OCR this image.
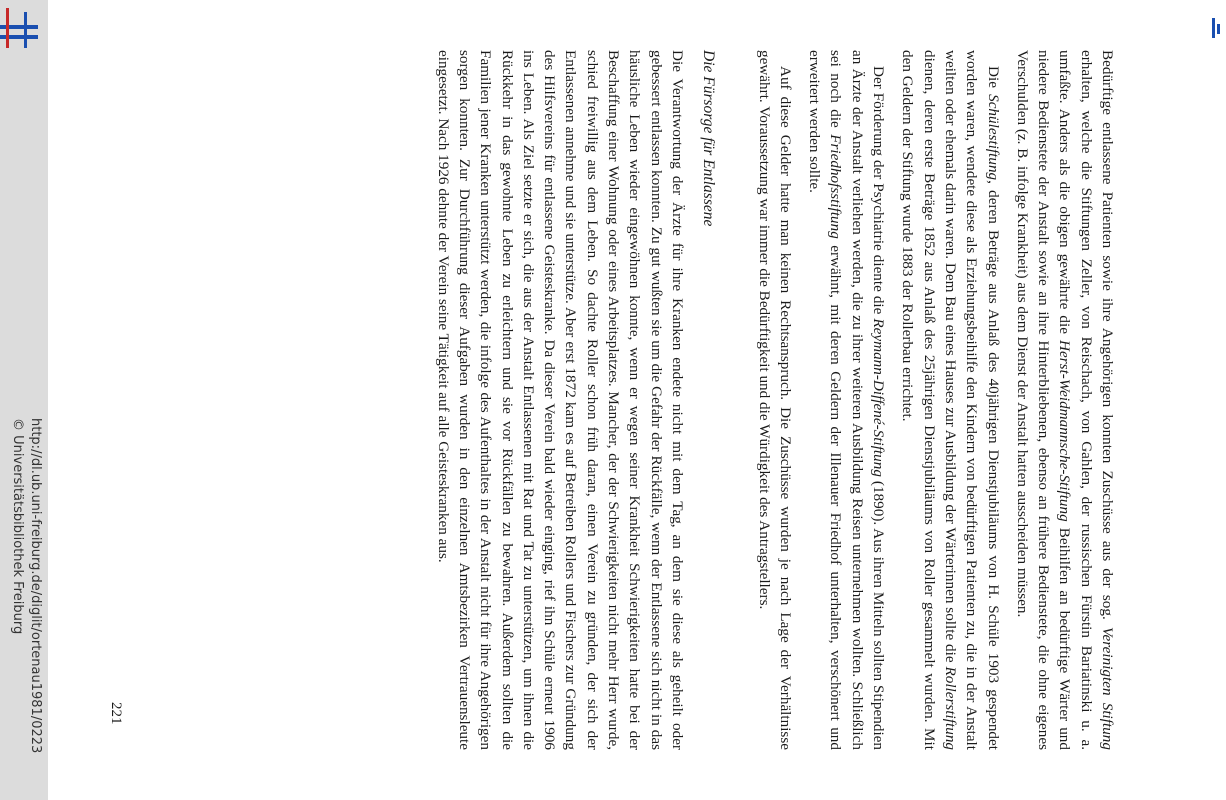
http://dl.ub.uni-freiburg.de/diglit/ortenau1981/0223
© Universitätsbibliothek Freiburg	Bedürftige entlassene Patienten sowie ihre Angehörigen konnten Zuschüsse aus der sog. Vereinigten Stiftung erhalten, welche die Stiftungen Zeller, von Reischach, von Gahlen, der russischen Fürstin Bariatinski u. a. umfaßte. Anders als die obigen gewährte die Herst-Weidmannsche-Stiftung Beihilfen an bedürftige Wärter und niedere Bedienstete der Anstalt sowie an ihre Hinterbliebenen, ebenso an frühere Bedienstete, die ohne eigenes Verschulden (z. B. infolge Krankheit) aus dem Dienst der Anstalt hatten ausscheiden müssen.

Die Schülestiftung, deren Beträge aus Anlaß des 40jährigen Dienstjubiläums von H. Schüle 1903 gespendet worden waren, wendete diese als Erziehungsbeihilfe den Kindern von bedürftigen Patienten zu, die in der Anstalt weilten oder ehemals darin waren. Dem Bau eines Hauses zur Ausbildung der Wärterinnen sollte die Rollerstiftung dienen, deren erste Beträge 1852 aus Anlaß des 25jährigen Dienstjubiläums von Roller gesammelt wurden. Mit den Geldern der Stiftung wurde 1883 der Rollerbau errichtet.

Der Förderung der Psychiatrie diente die Reymann-Diffené-Stiftung (1890). Aus ihren Mitteln sollten Stipendien an Ärzte der Anstalt verliehen werden, die zu ihrer weiteren Ausbildung Reisen unternehmen wollten. Schließlich sei noch die Friedhofsstiftung erwähnt, mit deren Geldern der Illenauer Friedhof unterhalten, verschönert und erweitert werden sollte.

Auf diese Gelder hatte man keinen Rechtsanspruch. Die Zuschüsse wurden je nach Lage der Verhältnisse gewährt. Voraussetzung war immer die Bedürftigkeit und die Würdigkeit des Antragstellers.

Die Fürsorge für Entlassene

Die Verantwortung der Ärzte für ihre Kranken endete nicht mit dem Tag, an dem sie diese als geheilt oder gebessert entlassen konnten. Zu gut wußten sie um die Gefahr der Rückfälle, wenn der Entlassene sich nicht in das häusliche Leben wieder eingewöhnen konnte, wenn er wegen seiner Krankheit Schwierigkeiten hatte bei der Beschaffung einer Wohnung oder eines Arbeitsplatzes. Mancher, der der Schwierigkeiten nicht mehr Herr wurde, schied freiwillig aus dem Leben. So dachte Roller schon früh daran, einen Verein zu gründen, der sich der Entlassenen annehme und sie unterstütze. Aber erst 1872 kam es auf Betreiben Rollers und Fischers zur Gründung des Hilfsvereins für entlassene Geisteskranke. Da dieser Verein bald wieder einging, rief ihn Schüle erneut 1906 ins Leben. Als Ziel setzte er sich, die aus der Anstalt Entlassenen mit Rat und Tat zu unterstützen, um ihnen die Rückkehr in das gewohnte Leben zu erleichtern und sie vor Rückfällen zu bewahren. Außerdem sollten die Familien jener Kranken unterstützt werden, die infolge des Aufenthaltes in der Anstalt nicht für ihre Angehörigen sorgen konnten. Zur Durchführung dieser Aufgaben wurden in den einzelnen Amtsbezirken Vertrauensleute eingesetzt. Nach 1926 dehnte der Verein seine Tätigkeit auf alle Geisteskranken aus.

221
